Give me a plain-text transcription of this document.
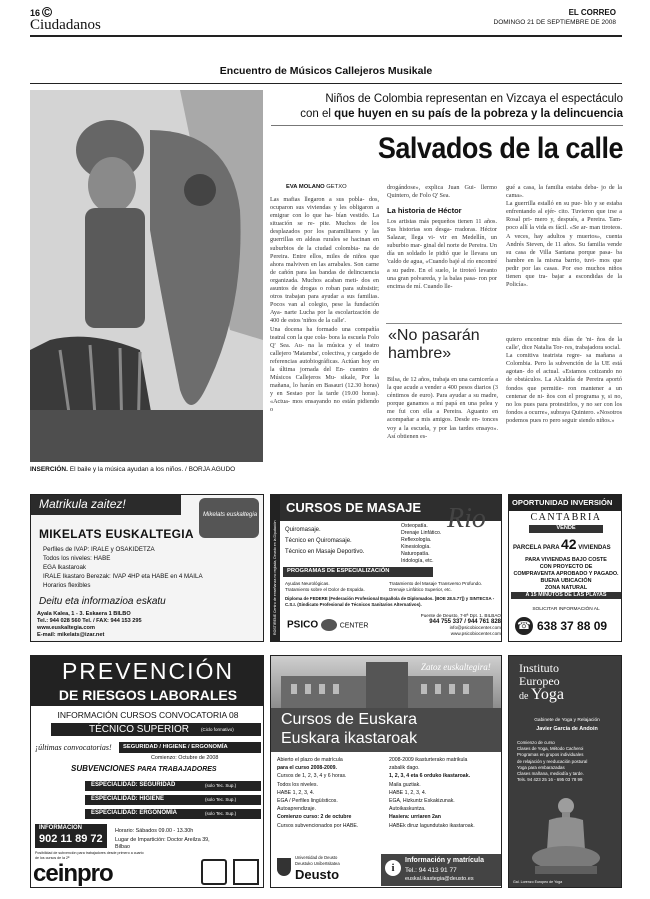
16 C
Ciudadanos
EL CORREO
DOMINGO 21 DE SEPTIEMBRE DE 2008
Encuentro de Músicos Callejeros Musikale
INSERCIÓN. El baile y la música ayudan a los niños. / BORJA AGUDO
Niños de Colombia representan en Vizcaya el espectáculo
con el que huyen en su país de la pobreza y la delincuencia
Salvados de la calle
EVA MOLANO GETXO
Las mafias llegaron a sus pobla- dos, ocuparon sus viviendas y les obligaron a emigrar con lo que ha- bían vestido. La situación se re- pite. Muchos de los desplazados por los paramilitares y las guerrillas en aldeas rurales se hacinan en suburbios de la ciudad colombia- na de Pereira. Entre ellos, miles de niños que ahora malviven en las arrabales. Son carne de cañón para las bandas de delincuencia organizada. Muchos acaban meti- dos en asuntos de drogas o roban para subsistir; otros trabajan para ayudar a sus familias. Pocos van al colegio, pese la fundación Aya- narte Lucha por la escolarización de 400 de estos 'niños de la calle'.
Una docena ha formado una compañía teatral con la que cola- bora la escuela Folo Q' Sea. Au- na la música y el teatro callejero 'Matamba', colectiva, y cargado de referencias autobiográficas. Actúan hoy en la última jornada del En- cuentro de Músicos Callejeros Mu- sikale, Por la mañana, lo harán en Basauri (12.30 horas) y en Sestao por la tarde (19.00 horas). «Actua- mos ensayando no están pidiendo o
drogándose», explica Juan Gui- llermo Quintero, de Folo Q' Sea.
La historia de Héctor
Los artistas más pequeños tienen 11 años. Sus historias son desga- rradoras. Héctor Salazar, llega vi- vir en Medellín, un suburbio mar- ginal del norte de Pereira. Un día un soldado le pidió que le llevara un 'caldo de agua, «Cuando bajé al río encontré a su padre. En el suelo, le tiroteó levanto una gran polvareda, y la balas pasa- ron por encima de mí. Cuando lle-
gué a casa, la familia estaba deba- jo de la cama».
La guerrilla estalló en su pue- blo y se estaba enfrentando al ejér- cito. Tuvieron que irse a Rosal pri- mero y, después, a Pereira. Tam- poco allí la vida es fácil. «Se ar- man tiroteos. A veces, hay adultos y muertos», cuenta Andrés Steven, de 11 años. Su familia vende su casa de Villa Santana porque pasa- ba hambre en la misma barrio, tuvi- mos que pedir por las casas. Por eso muchos niños tienen que tra- bajar a escondidas de la Policía».
«No pasarán hambre»
Bilsa, de 12 años, trabaja en una carnicería a la que acude a vender a 400 pesos diarios (3 céntimos de euro). Para ayudar a su madre, porque ganamos a mí papá en una pelea y me fui con ella a Pereira. Aguanto en acompañar a mis amigos. Desde en- tonces voy a la escuela, y por las tardes ensayo». Así obtienen es-
quiero encontrar mis días de 'ni- ños de la calle', dice Natalia Tor- res, trabajadora social.
La comitiva teatrista regre- sa mañana a Colombia. Pero la subvención de la UE está agotan- do el actual. «Estamos cotizando no de obstáculos. La Alcaldía de Pereira aportó fondos que permitie- ron mantener a un centenar de ni- ños con el programa y, si no, no los pues para protestirlos, y no ser con los fondos a ocurre», subraya Quintero. «Nosotros podemos pues ro pero seguir siendo niños.»
Matrikula zaitez!
Mikelats euskaltegia
MIKELATS EUSKALTEGIA
Perfiles de IVAP: IRALE y OSAKIDETZA
Todos los niveles: HABE
EGA Ikastaroak
IRALE Ikastaro Berezak: IVAP 4HP eta HABE en 4 MAILA
Horarios flexibles
Deitu eta informazioa eskatu
Ayala Kalea, 1 - 3. Eskaera 1 BILBO
Tel.: 944 028 560 Tel. / FAX: 944 153 295
www.euskaltegia.com
E-mail: mikelats@izar.net	ROSTIRENE Centro de enseñanza no reglada, Deusto en la Diputación
CURSOS DE MASAJE Rio
Quiromasaje.
Técnico en Quiromasaje.
Técnico en Masaje Deportivo.
Osteopatía.
Drenaje Linfático.
Reflexología.
Kinesiología.
Naturopatía.
Iridología, etc.
PROGRAMAS DE ESPECIALIZACIÓN
Ayudas Neurológicas.
Tratamiento sobre el Dolor de Espalda.
Tratamiento del Masaje Transverso Profundo.
Drenaje Linfático Superior, etc.
Diploma de FEDERE (Federación Profesional Española de Diplomados. [BOE 28.5.77]) y SINTECSA - C.S.I. (Sindicato Profesional de Técnicos Sanitarios Alternativos).
PSICO	CENTER
Puente de Deusto, 7-8ª Dpt. 1. BILBAO
944 755 337 / 944 761 828
info@psicobiocenter.com
www.psicobiocenter.com
OPORTUNIDAD INVERSIÓN
CANTABRIA
VENDE
PARCELA PARA 42 VIVIENDAS
PARA VIVIENDAS BAJO COSTE
CON PROYECTO DE
COMPRAVENTA APROBADO Y PAGADO. BUENA UBICACIÓN
ZONA NATURAL
A 15 MINUTOS DE LAS PLAYAS
SOLICITAR INFORMACIÓN AL
☎ 638 37 88 09
PREVENCIÓN
DE RIESGOS LABORALES
INFORMACIÓN CURSOS CONVOCATORIA 08
TÉCNICO SUPERIOR	(Ciclo formativo)
¡últimas convocatorias! SEGURIDAD / HIGIENE / ERGONOMÍA
Comienzo: Octubre de 2008
SUBVENCIONES PARA TRABAJADORES
ESPECIALIDAD: SEGURIDAD	(solo Tec. Sup.)
ESPECIALIDAD: HIGIENE	(solo Tec. Sup.)
ESPECIALIDAD: ERGONOMÍA	(solo Tec. Sup.)
INFORMACIÓN
902 11 89 72
Horario: Sábados 09.00 - 13.30h
Lugar de Impartición: Doctor Areilza 39, Bilbao
Posibilidad de subvención para trabajadores desde primero a cuarto de los cursos de la 2ª
ceinpro
Zatoz euskaltegira!
Cursos de Euskara
Euskara ikastaroak
Abierto el plazo de matrícula
para el curso 2008-2009.
Cursos de 1, 2, 3, 4 y 6 horas.
Todos los niveles.
HABE 1, 2, 3, 4.
EGA / Perfiles lingüísticos.
Autoaprendizaje.
Comienzo curso: 2 de octubre
Cursos subvencionados por HABE.
2008-2009 ikasturterako matrikula
zabalik dago.
1, 2, 3, 4 eta 6 orduko ikastaroak.
Maila guztiak.
HABE 1, 2, 3, 4.
EGA, Hizkuntz Eskakizunak.
Autoikaskuntza.
Hasiera: urriaren 2an
HABEk diruz lagundutako ikastaroak.
Universidad de Deusto
Deustuko Unibertsitatea
Deusto	i
Información y matrícula
Tel.: 94 413 91 77
euskal.ikastegia@deusto.es
Instituto
Europeo
de Yoga
Gabinete de Yoga y Relajación
Javier García de Andoin
Comienzo de curso
Clases de Yoga, Método Cacheroi
Programas en grupos individuales
de relajación y reeducación postural
Yoga para embarazadas
Clases mañana, mediodía y tarde.
Tels. 94 423 25 16 - 695 03 78 99
Gal. Lorenzo Europeo de Yoga
